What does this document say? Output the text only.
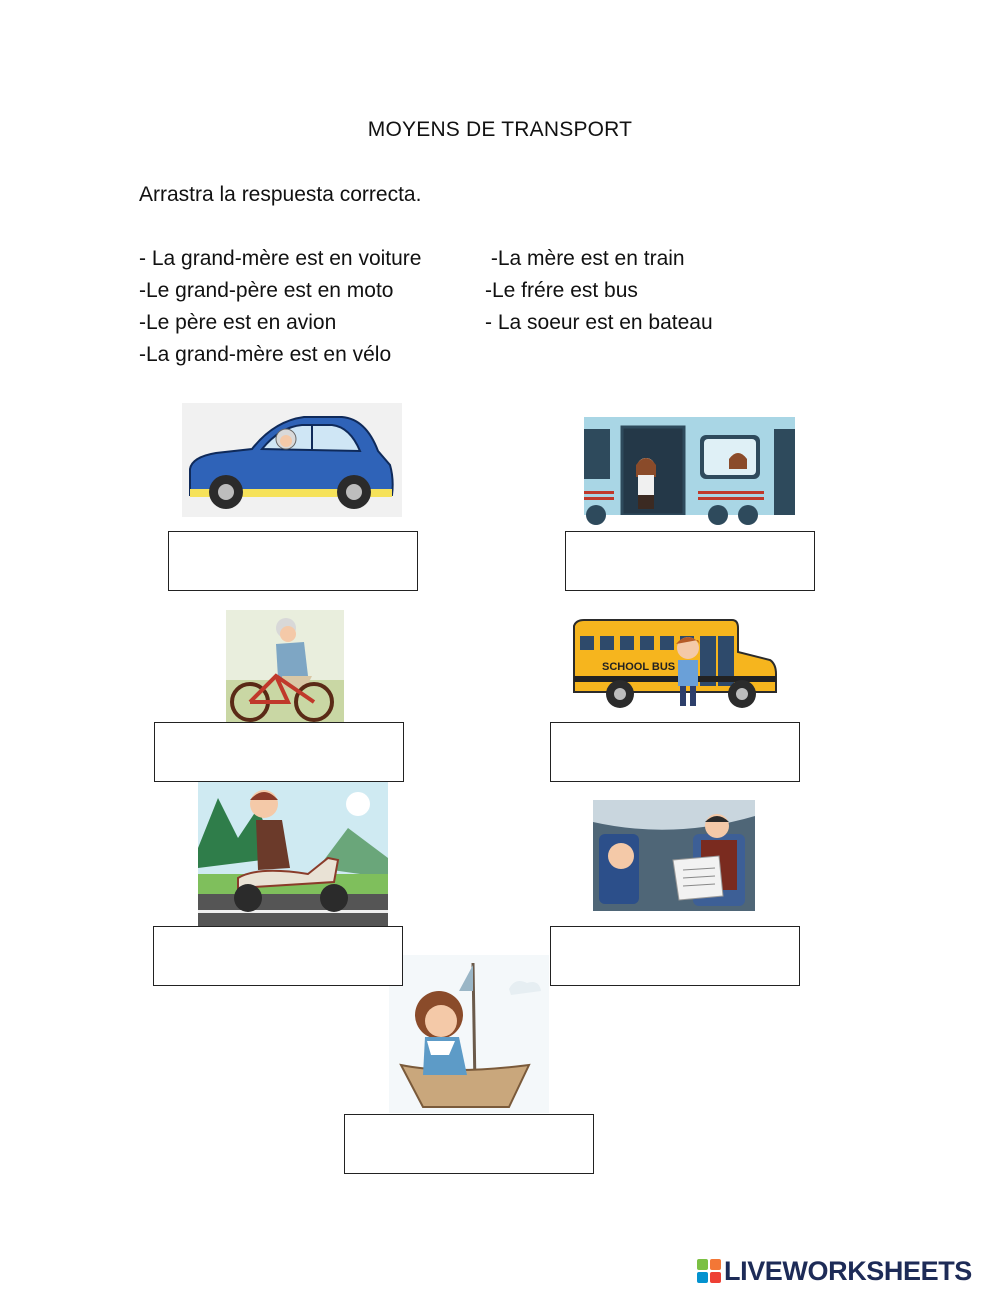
MOYENS DE TRANSPORT
Arrastra la respuesta correcta.
- La grand-mère est en voiture
-Le grand-père est en moto
-Le père est en avion
-La grand-mère est en vélo
-La mère est en train
-Le frére est bus
- La soeur est en bateau
SCHOOL BUS
LIVEWORKSHEETS
